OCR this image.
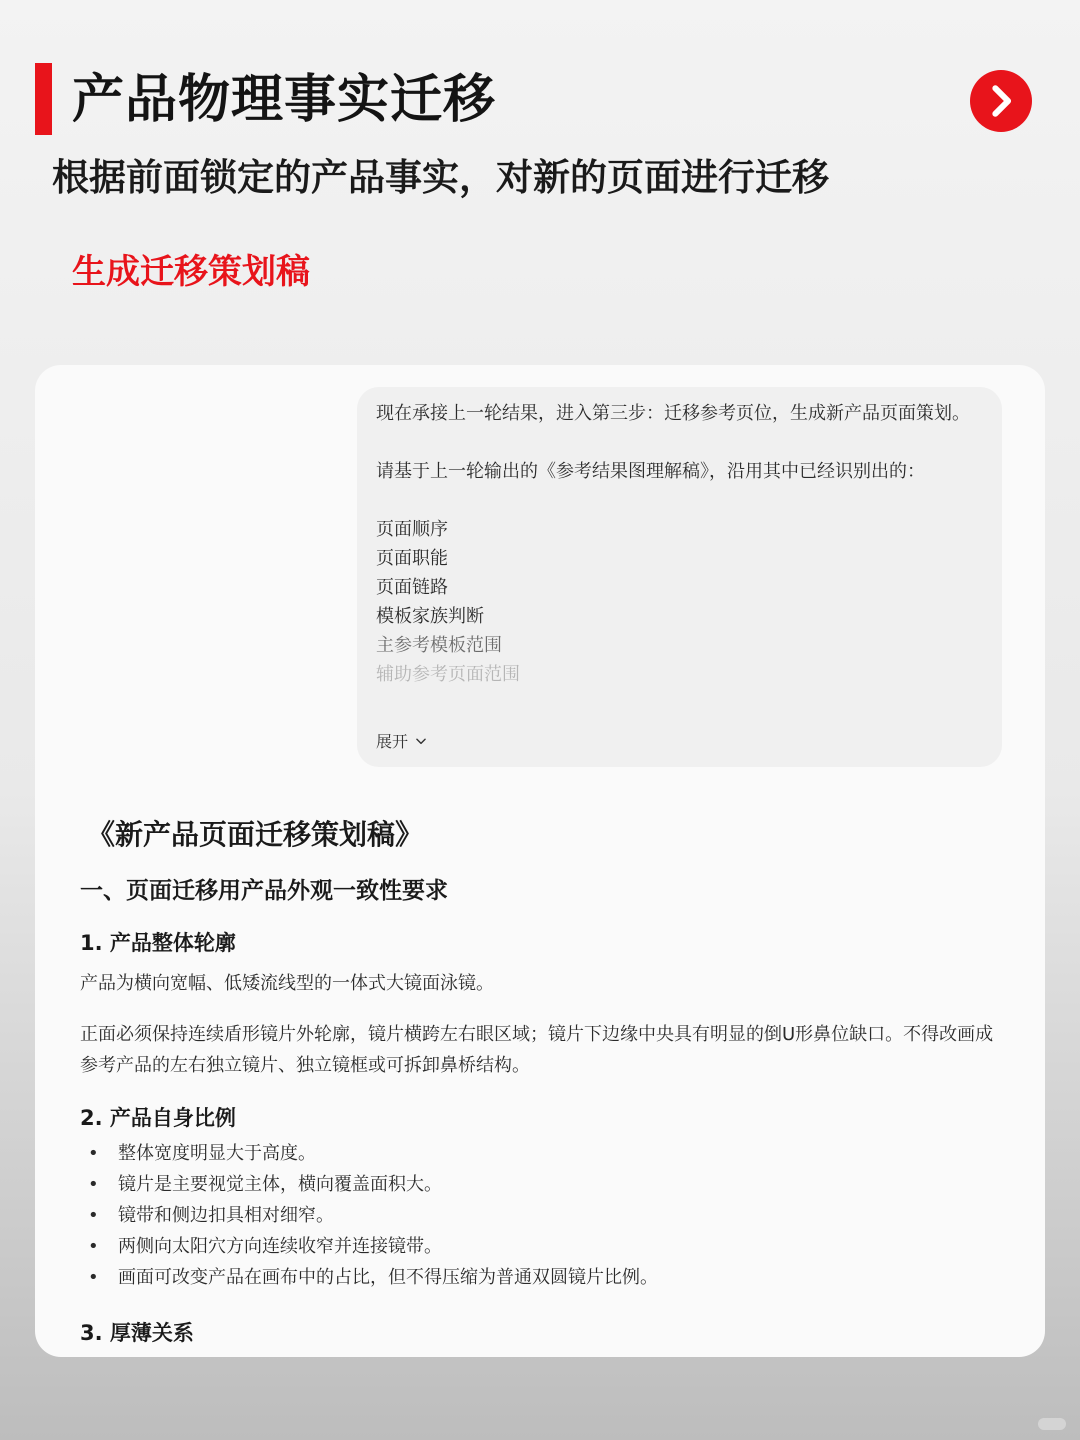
产品物理事实迁移
根据前面锁定的产品事实，对新的页面进行迁移
生成迁移策划稿

现在承接上一轮结果，进入第三步：迁移参考页位，生成新产品页面策划。

请基于上一轮输出的《参考结果图理解稿》，沿用其中已经识别出的：

页面顺序
页面职能
页面链路
模板家族判断
主参考模板范围
辅助参考页面范围
展开
《新产品页面迁移策划稿》
一、页面迁移用产品外观一致性要求
1. 产品整体轮廓

产品为横向宽幅、低矮流线型的一体式大镜面泳镜。

正面必须保持连续盾形镜片外轮廓，镜片横跨左右眼区域；镜片下边缘中央具有明显的倒U形鼻位缺口。不得改画成参考产品的左右独立镜片、独立镜框或可拆卸鼻桥结构。

2. 产品自身比例
• 整体宽度明显大于高度。
• 镜片是主要视觉主体，横向覆盖面积大。
• 镜带和侧边扣具相对细窄。
• 两侧向太阳穴方向连续收窄并连接镜带。
• 画面可改变产品在画布中的占比，但不得压缩为普通双圆镜片比例。
3. 厚薄关系
